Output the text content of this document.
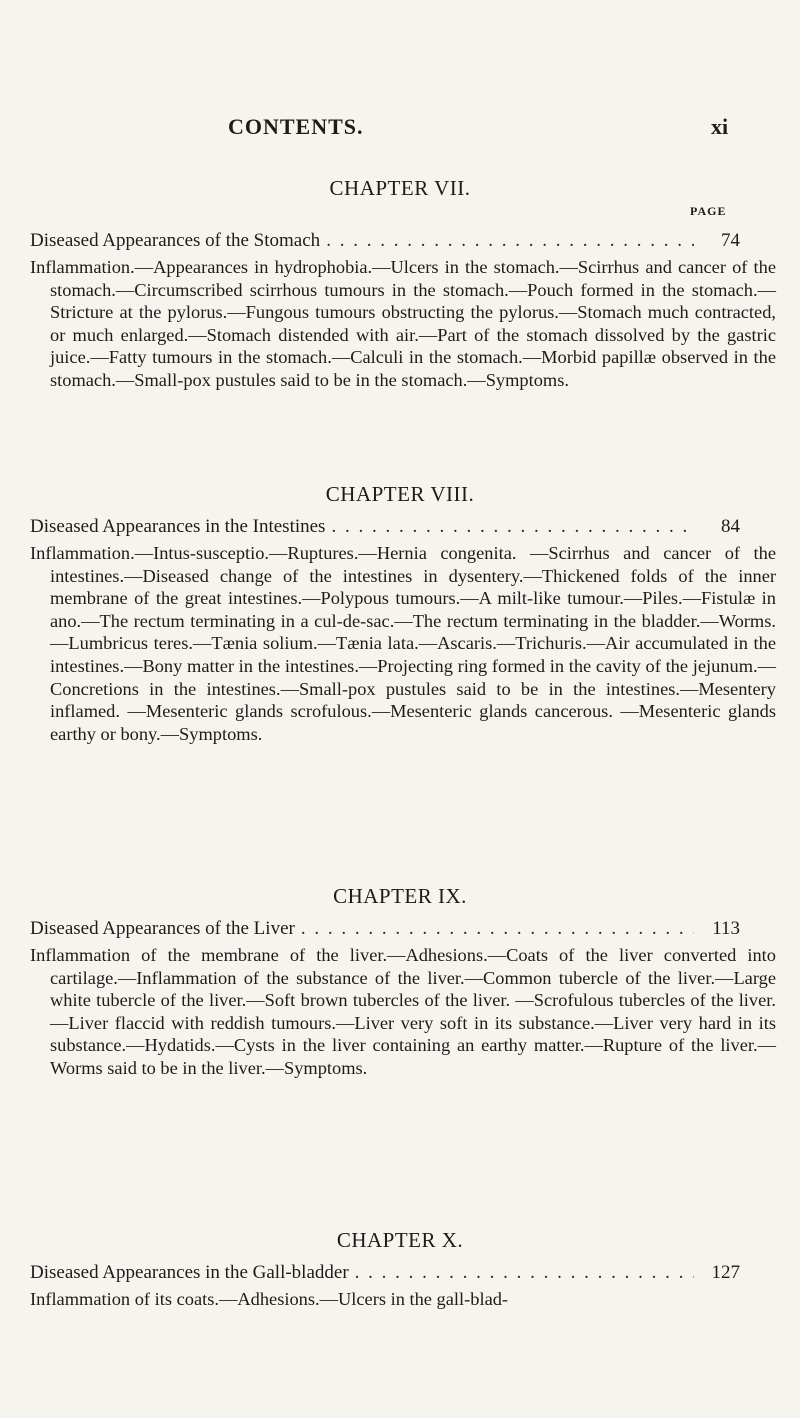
CONTENTS.	xi
CHAPTER VII.
PAGE
Diseased Appearances of the Stomach . . .	74
Inflammation.—Appearances in hydrophobia.—Ulcers in the stomach.—Scirrhus and cancer of the stomach.—Circumscribed scirrhous tumours in the stomach.—Pouch formed in the stomach.—Stricture at the pylorus.—Fungous tumours obstructing the pylorus.—Stomach much contracted, or much enlarged.—Stomach distended with air.—Part of the stomach dissolved by the gastric juice.—Fatty tumours in the stomach.—Calculi in the stomach.—Morbid papillæ observed in the stomach.—Small-pox pustules said to be in the stomach.—Symptoms.
CHAPTER VIII.
Diseased Appearances in the Intestines . . .	84
Inflammation.—Intus-susceptio.—Ruptures.—Hernia congenita. —Scirrhus and cancer of the intestines.—Diseased change of the intestines in dysentery.—Thickened folds of the inner membrane of the great intestines.—Polypous tumours.—A milt-like tumour.—Piles.—Fistulæ in ano.—The rectum terminating in a cul-de-sac.—The rectum terminating in the bladder.—Worms.—Lumbricus teres.—Tænia solium.—Tænia lata.—Ascaris.—Trichuris.—Air accumulated in the intestines.—Bony matter in the intestines.—Projecting ring formed in the cavity of the jejunum.—Concretions in the intestines.—Small-pox pustules said to be in the intestines.—Mesentery inflamed. —Mesenteric glands scrofulous.—Mesenteric glands cancerous. —Mesenteric glands earthy or bony.—Symptoms.
CHAPTER IX.
Diseased Appearances of the Liver . . .	113
Inflammation of the membrane of the liver.—Adhesions.—Coats of the liver converted into cartilage.—Inflammation of the substance of the liver.—Common tubercle of the liver.—Large white tubercle of the liver.—Soft brown tubercles of the liver. —Scrofulous tubercles of the liver.—Liver flaccid with reddish tumours.—Liver very soft in its substance.—Liver very hard in its substance.—Hydatids.—Cysts in the liver containing an earthy matter.—Rupture of the liver.—Worms said to be in the liver.—Symptoms.
CHAPTER X.
Diseased Appearances in the Gall-bladder . . .	127
Inflammation of its coats.—Adhesions.—Ulcers in the gall-blad-
